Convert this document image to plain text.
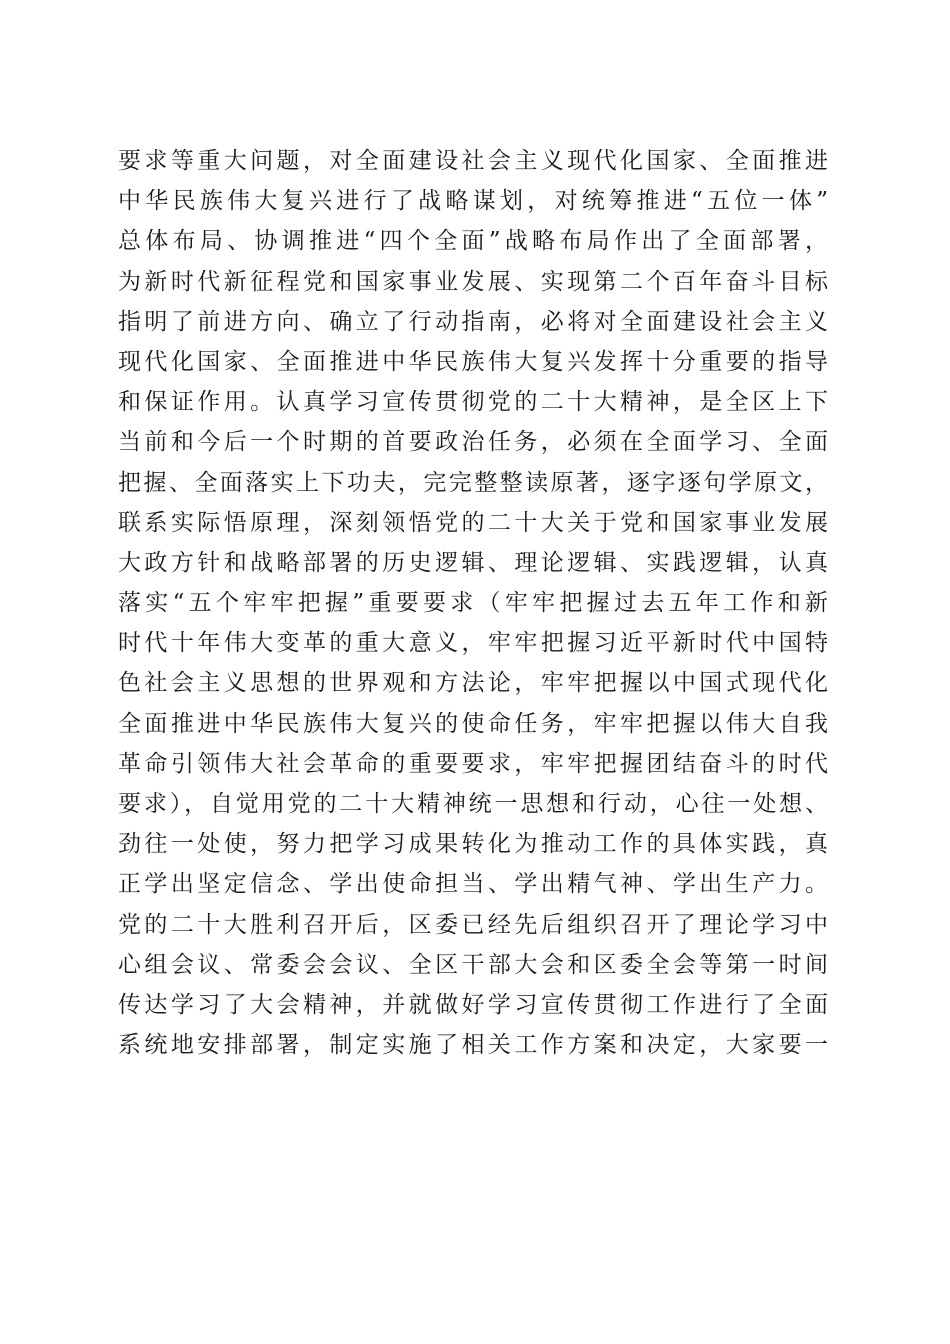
要求等重大问题，对全面建设社会主义现代化国家、全面推进
中华民族伟大复兴进行了战略谋划，对统筹推进“五位一体”
总体布局、协调推进“四个全面”战略布局作出了全面部署，
为新时代新征程党和国家事业发展、实现第二个百年奋斗目标
指明了前进方向、确立了行动指南，必将对全面建设社会主义
现代化国家、全面推进中华民族伟大复兴发挥十分重要的指导
和保证作用。认真学习宣传贯彻党的二十大精神，是全区上下
当前和今后一个时期的首要政治任务，必须在全面学习、全面
把握、全面落实上下功夫，完完整整读原著，逐字逐句学原文，
联系实际悟原理，深刻领悟党的二十大关于党和国家事业发展
大政方针和战略部署的历史逻辑、理论逻辑、实践逻辑，认真
落实“五个牢牢把握”重要要求（牢牢把握过去五年工作和新
时代十年伟大变革的重大意义，牢牢把握习近平新时代中国特
色社会主义思想的世界观和方法论，牢牢把握以中国式现代化
全面推进中华民族伟大复兴的使命任务，牢牢把握以伟大自我
革命引领伟大社会革命的重要要求，牢牢把握团结奋斗的时代
要求），自觉用党的二十大精神统一思想和行动，心往一处想、
劲往一处使，努力把学习成果转化为推动工作的具体实践，真
正学出坚定信念、学出使命担当、学出精气神、学出生产力。
党的二十大胜利召开后，区委已经先后组织召开了理论学习中
心组会议、常委会会议、全区干部大会和区委全会等第一时间
传达学习了大会精神，并就做好学习宣传贯彻工作进行了全面
系统地安排部署，制定实施了相关工作方案和决定，大家要一
